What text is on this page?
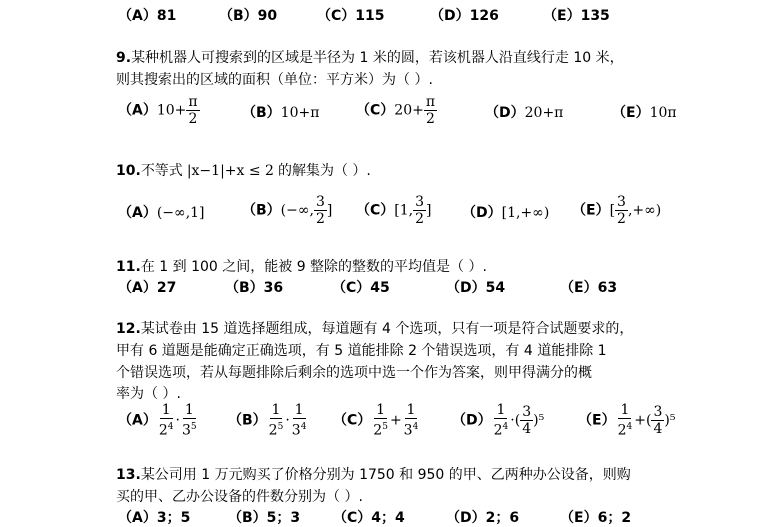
（A）81	（B）90	（C）115	（D）126	（E）135
9.某种机器人可搜索到的区域是半径为 1 米的圆，若该机器人沿直线行走 10 米，
则其搜索出的区域的面积（单位：平方米）为（ ）.
$(A)10+ \frac{\pi}{2}$	（B）10+π	$(C)20+ \frac{\pi}{2}$	（D）20+π	（E）10π
10.不等式 |x−1|+x ≤ 2 的解集为（ ）.
（A）(−∞,1]	（B）(−∞, $\frac{3}{2}$ ] （C）[1, $\frac{3}{2}$ ] （D）[1,+∞) $(E)[ \frac{3}{2}$ ,+∞)
11.在 1 到 100 之间，能被 9 整除的整数的平均值是（ ）.
（A）27	（B）36	（C）45	（D）54	（E）63
12.某试卷由 15 道选择题组成，每道题有 4 个选项，只有一项是符合试题要求的，
甲有 6 道题是能确定正确选项，有 5 道能排除 2 个错误选项，有 4 道能排除 1
个错误选项，若从每题排除后剩余的选项中选一个作为答案，则甲得满分的概
率为（ ）.
$(A) \frac{1}{2^4} \cdot \frac{1}{3^5} (B) \frac{1}{2^5} \cdot \frac{1}{3^4} (C) \frac{1}{2^5} + \frac{1}{3^4} (D) \frac{1}{2^4}$ ·( $\frac{3}{4} )^5$ $(E) \frac{1}{2^4}$ +( $\frac{3}{4} )^5$
13.某公司用 1 万元购买了价格分别为 1750 和 950 的甲、乙两种办公设备，则购
买的甲、乙办公设备的件数分别为（ ）.
（A）3；5	（B）5；3 （C）4；4	（D）2；6	（E）6；2
